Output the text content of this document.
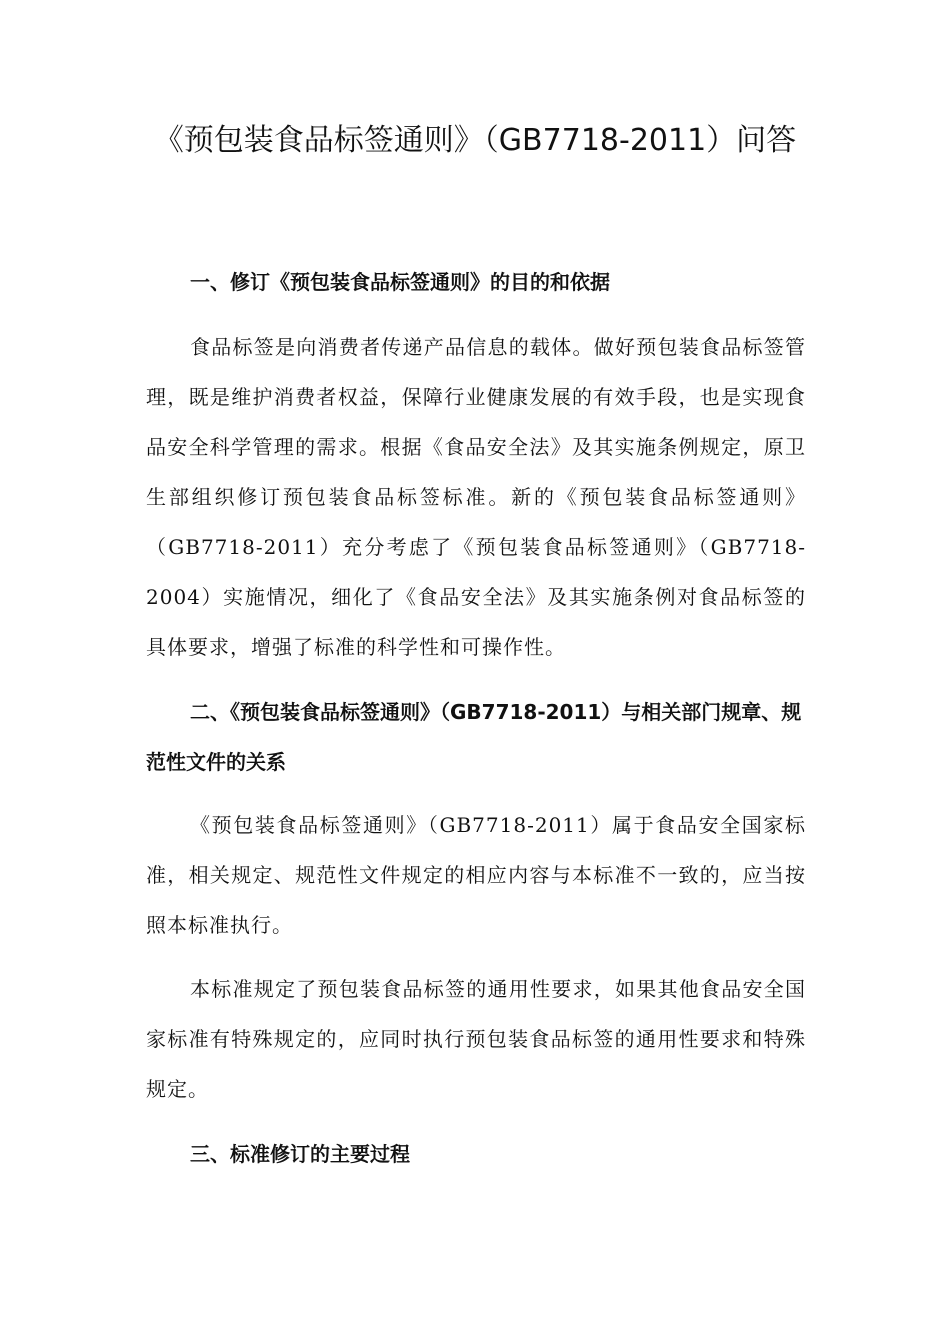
《预包装食品标签通则》（GB7718-2011）问答
一、修订《预包装食品标签通则》的目的和依据
食品标签是向消费者传递产品信息的载体。做好预包装食品标签管理，既是维护消费者权益，保障行业健康发展的有效手段，也是实现食品安全科学管理的需求。根据《食品安全法》及其实施条例规定，原卫生部组织修订预包装食品标签标准。新的《预包装食品标签通则》（GB7718-2011）充分考虑了《预包装食品标签通则》（GB7718-2004）实施情况，细化了《食品安全法》及其实施条例对食品标签的具体要求，增强了标准的科学性和可操作性。
二、《预包装食品标签通则》（GB7718-2011）与相关部门规章、规范性文件的关系
《预包装食品标签通则》（GB7718-2011）属于食品安全国家标准，相关规定、规范性文件规定的相应内容与本标准不一致的，应当按照本标准执行。
本标准规定了预包装食品标签的通用性要求，如果其他食品安全国家标准有特殊规定的，应同时执行预包装食品标签的通用性要求和特殊规定。
三、标准修订的主要过程
